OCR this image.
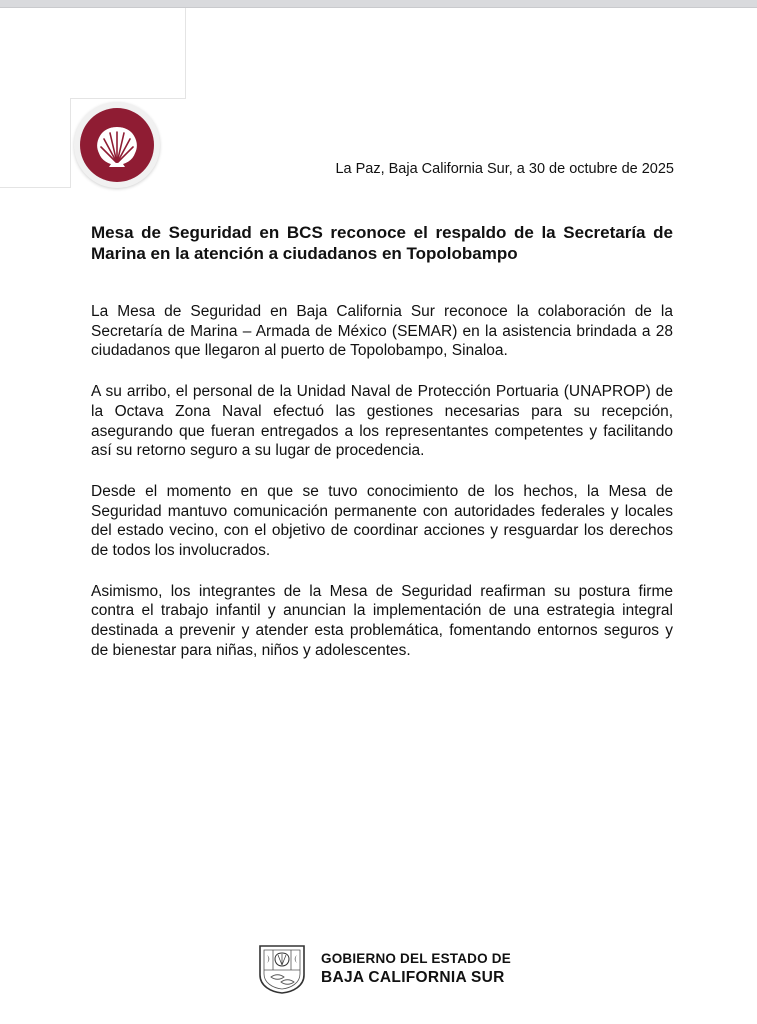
La Paz, Baja California Sur, a 30 de octubre de 2025
Mesa de Seguridad en BCS reconoce el respaldo de la Secretaría de Marina en la atención a ciudadanos en Topolobampo

La Mesa de Seguridad en Baja California Sur reconoce la colaboración de la Secretaría de Marina – Armada de México (SEMAR) en la asistencia brindada a 28 ciudadanos que llegaron al puerto de Topolobampo, Sinaloa.

A su arribo, el personal de la Unidad Naval de Protección Portuaria (UNAPROP) de la Octava Zona Naval efectuó las gestiones necesarias para su recepción, asegurando que fueran entregados a los representantes competentes y facilitando así su retorno seguro a su lugar de procedencia.

Desde el momento en que se tuvo conocimiento de los hechos, la Mesa de Seguridad mantuvo comunicación permanente con autoridades federales y locales del estado vecino, con el objetivo de coordinar acciones y resguardar los derechos de todos los involucrados.

Asimismo, los integrantes de la Mesa de Seguridad reafirman su postura firme contra el trabajo infantil y anuncian la implementación de una estrategia integral destinada a prevenir y atender esta problemática, fomentando entornos seguros y de bienestar para niñas, niños y adolescentes.

GOBIERNO DEL ESTADO DE
BAJA CALIFORNIA SUR
